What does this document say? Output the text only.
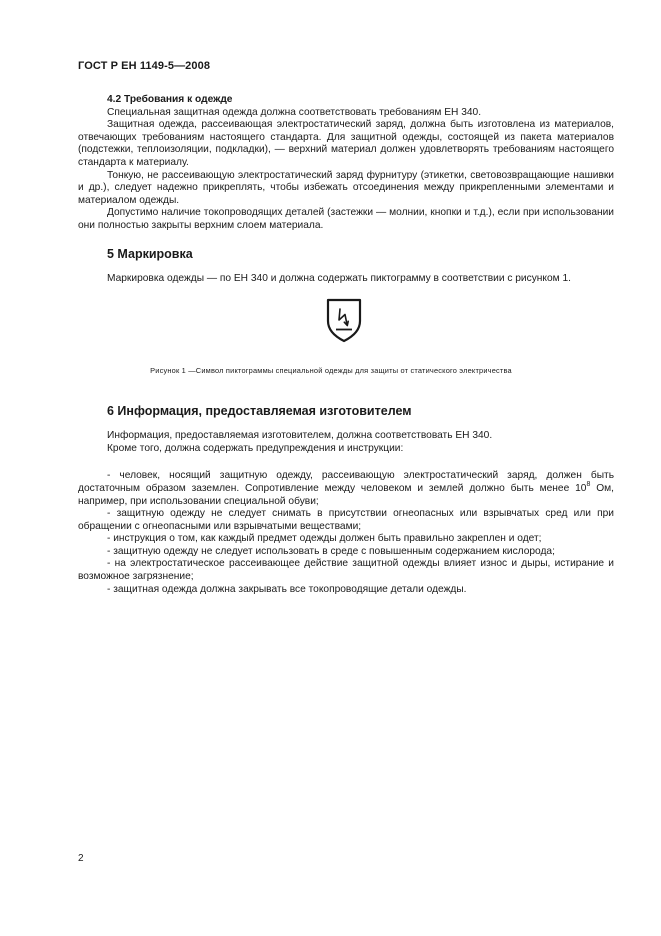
ГОСТ Р ЕН 1149-5—2008

4.2 Требования к одежде

Специальная защитная одежда должна соответствовать требованиям ЕН 340.

Защитная одежда, рассеивающая электростатический заряд, должна быть изготовлена из материалов, отвечающих требованиям настоящего стандарта. Для защитной одежды, состоящей из пакета материалов (подстежки, теплоизоляции, подкладки), — верхний материал должен удовлетворять требованиям настоящего стандарта к материалу.

Тонкую, не рассеивающую электростатический заряд фурнитуру (этикетки, световозвращающие нашивки и др.), следует надежно прикреплять, чтобы избежать отсоединения между прикрепленными элементами и материалом одежды.

Допустимо наличие токопроводящих деталей (застежки — молнии, кнопки и т.д.), если при использовании они полностью закрыты верхним слоем материала.

5 Маркировка

Маркировка одежды — по ЕН 340 и должна содержать пиктограмму в соответствии с рисунком 1.

Рисунок 1 —Символ пиктограммы специальной одежды для защиты от статического электричества

6 Информация, предоставляемая изготовителем

Информация, предоставляемая изготовителем, должна соответствовать ЕН 340.

Кроме того, должна содержать предупреждения и инструкции:

- человек, носящий защитную одежду, рассеивающую электростатический заряд, должен быть достаточным образом заземлен. Сопротивление между человеком и землей должно быть менее $10^8$ Ом, например, при использовании специальной обуви;

- защитную одежду не следует снимать в присутствии огнеопасных или взрывчатых сред или при обращении с огнеопасными или взрывчатыми веществами;

- инструкция о том, как каждый предмет одежды должен быть правильно закреплен и одет;

- защитную одежду не следует использовать в среде с повышенным содержанием кислорода;

- на электростатическое рассеивающее действие защитной одежды влияет износ и дыры, истирание и возможное загрязнение;

- защитная одежда должна закрывать все токопроводящие детали одежды.

2
